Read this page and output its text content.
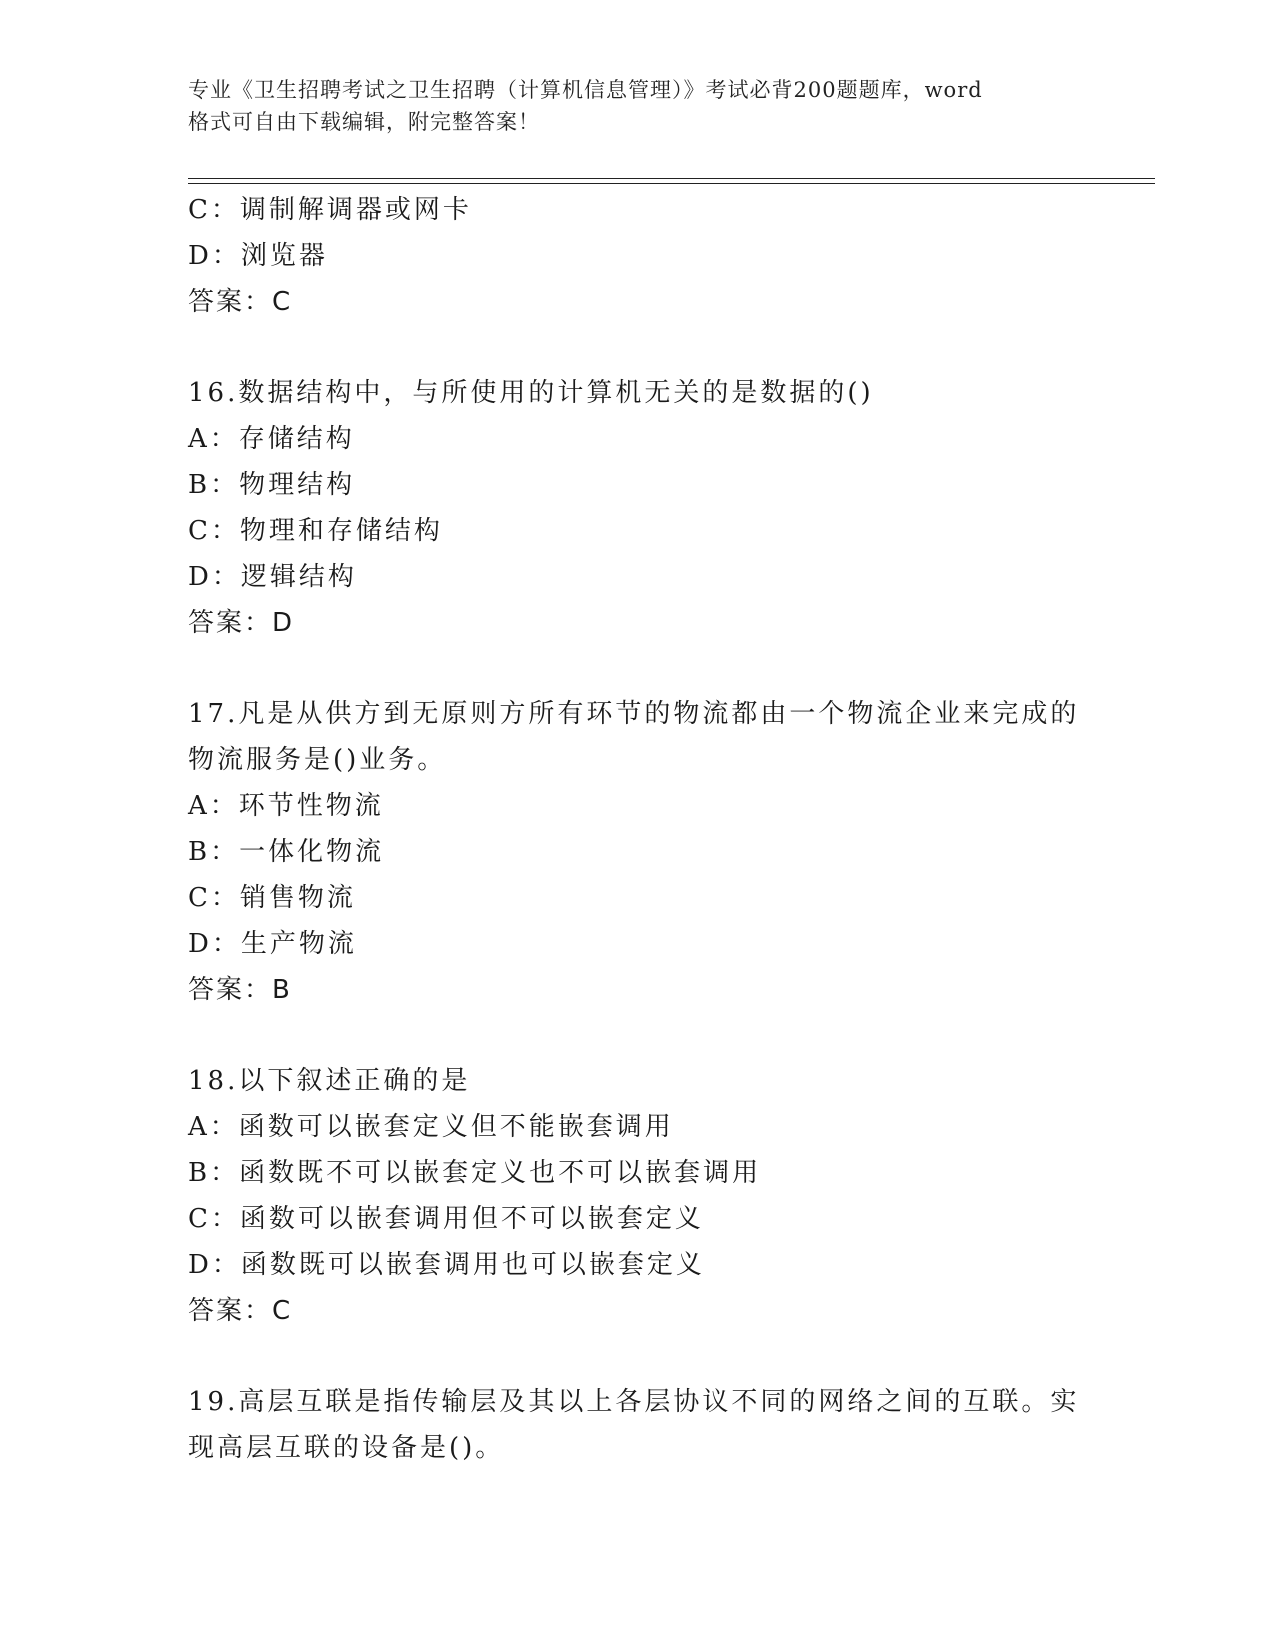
专业《卫生招聘考试之卫生招聘（计算机信息管理）》考试必背200题题库，word
格式可自由下载编辑，附完整答案！
C：调制解调器或网卡
D：浏览器
答案：C
16.数据结构中，与所使用的计算机无关的是数据的()
A：存储结构
B：物理结构
C：物理和存储结构
D：逻辑结构
答案：D
17.凡是从供方到无原则方所有环节的物流都由一个物流企业来完成的
物流服务是()业务。
A：环节性物流
B：一体化物流
C：销售物流
D：生产物流
答案：B
18.以下叙述正确的是
A：函数可以嵌套定义但不能嵌套调用
B：函数既不可以嵌套定义也不可以嵌套调用
C：函数可以嵌套调用但不可以嵌套定义
D：函数既可以嵌套调用也可以嵌套定义
答案：C
19.高层互联是指传输层及其以上各层协议不同的网络之间的互联。实
现高层互联的设备是()。
